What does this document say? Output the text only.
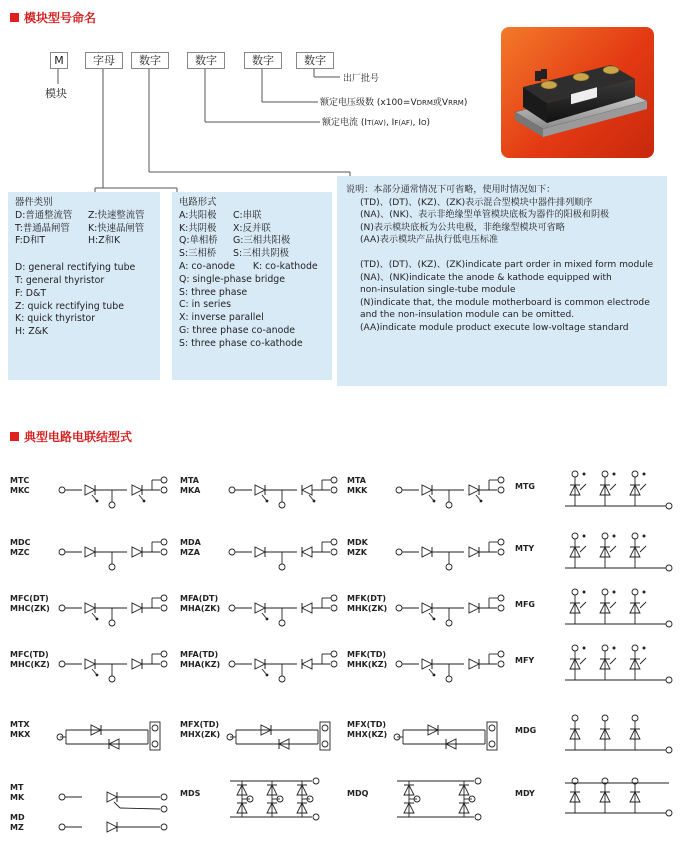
模块型号命名
M	字母	数字	数字	数字	数字
模块
出厂批号
额定电压级数 (x100=VDRM或VRRM)
额定电流 (IT(AV), IF(AF), IO)
器件类别
D:普通整流管	Z:快速整流管
T:普通晶闸管	K:快速晶闸管
F:D和T	H:Z和K
D: general rectifying tube
T: general thyristor
F: D&T
Z: quick rectifying tube
K: quick thyristor
H: Z&K
电路形式
A:共阳极	C:串联
K:共阴极	X:反并联
Q:单相桥	G:三相共阳极
S:三相桥	S:三相共阴极
A: co-anode      K: co-kathode
Q: single-phase bridge
S: three phase
C: in series
X: inverse parallel
G: three phase co-anode
S: three phase co-kathode
说明：本部分通常情况下可省略，使用时情况如下：
(TD)、(DT)、(KZ)、(ZK)表示混合型模块中器件排列顺序
(NA)、(NK)、表示非绝缘型单管模块底板为器件的阳极和阴极
(N)表示模块底板为公共电极，非绝缘型模块可省略
(AA)表示模块产品执行低电压标准
(TD)、(DT)、(KZ)、(ZK)indicate part order in mixed form module
(NA)、(NK)indicate the anode & kathode equipped with
non-insulation single-tube module
(N)indicate that, the module motherboard is common electrode
and the non-insulation module can be omitted.
(AA)indicate module product execute low-voltage standard
典型电路电联结型式
MTC
MKC
MTA
MKA
MTA
MKK	MTG
MDC
MZC
MDA
MZA
MDK
MZK	MTY
MFC(DT)
MHC(ZK)
MFA(DT)
MHA(ZK)
MFK(DT)
MHK(ZK)	MFG
MFC(TD)
MHC(KZ)
MFA(TD)
MHA(KZ)
MFK(TD)
MHK(KZ)	MFY
MTX
MKX
MFX(TD)
MHX(ZK)
MFX(TD)
MHX(KZ)	MDG
MT
MK	MDS	MDQ	MDY
MD
MZ
